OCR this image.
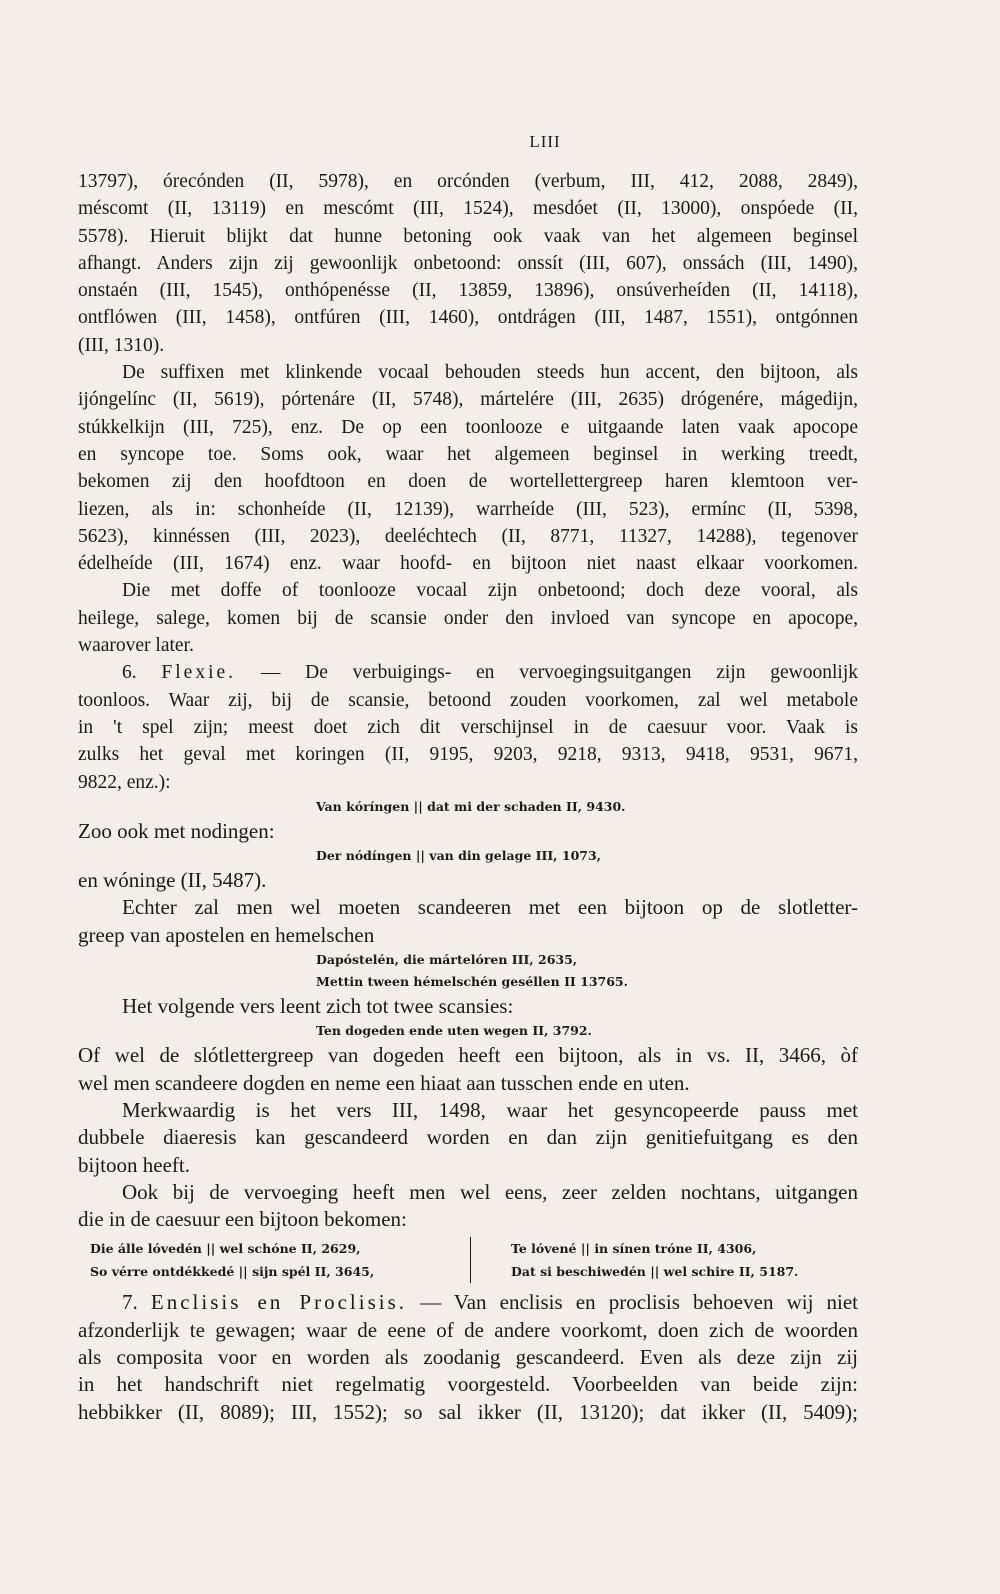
LIII
13797), órecónden (II, 5978), en orcónden (verbum, III, 412, 2088, 2849),
méscomt (II, 13119) en mescómt (III, 1524), mesdóet (II, 13000), onspóede (II,
5578). Hieruit blijkt dat hunne betoning ook vaak van het algemeen beginsel
afhangt. Anders zijn zij gewoonlijk onbetoond: onssít (III, 607), onssách (III, 1490),
onstaén (III, 1545), onthópenésse (II, 13859, 13896), onsúverheíden (II, 14118),
ontflówen (III, 1458), ontfúren (III, 1460), ontdrágen (III, 1487, 1551), ontgónnen
(III, 1310).
De suffixen met klinkende vocaal behouden steeds hun accent, den bijtoon, als
ijóngelínc (II, 5619), pórtenáre (II, 5748), mártelére (III, 2635) drógenére, mágedijn,
stúkkelkijn (III, 725), enz. De op een toonlooze e uitgaande laten vaak apocope
en syncope toe. Soms ook, waar het algemeen beginsel in werking treedt,
bekomen zij den hoofdtoon en doen de wortellettergreep haren klemtoon ver-
liezen, als in: schonheíde (II, 12139), warrheíde (III, 523), ermínc (II, 5398,
5623), kinnéssen (III, 2023), deeléchtech (II, 8771, 11327, 14288), tegenover
édelheíde (III, 1674) enz. waar hoofd- en bijtoon niet naast elkaar voorkomen.
Die met doffe of toonlooze vocaal zijn onbetoond; doch deze vooral, als
heilege, salege, komen bij de scansie onder den invloed van syncope en apocope,
waarover later.
6. Flexie. — De verbuigings- en vervoegingsuitgangen zijn gewoonlijk
toonloos. Waar zij, bij de scansie, betoond zouden voorkomen, zal wel metabole
in 't spel zijn; meest doet zich dit verschijnsel in de caesuur voor. Vaak is
zulks het geval met koringen (II, 9195, 9203, 9218, 9313, 9418, 9531, 9671,
9822, enz.):
Van kóríngen || dat mi der schaden II, 9430.
Zoo ook met nodingen:
Der nódíngen || van din gelage III, 1073,
en wóninge (II, 5487).
Echter zal men wel moeten scandeeren met een bijtoon op de slotletter-
greep van apostelen en hemelschen
Dapóstelén, die mártelóren III, 2635,
Mettin tween hémelschén geséllen II 13765.
Het volgende vers leent zich tot twee scansies:
Ten dogeden ende uten wegen II, 3792.
Of wel de slótlettergreep van dogeden heeft een bijtoon, als in vs. II, 3466, òf
wel men scandeere dogden en neme een hiaat aan tusschen ende en uten.
Merkwaardig is het vers III, 1498, waar het gesyncopeerde pauss met
dubbele diaeresis kan gescandeerd worden en dan zijn genitiefuitgang es den
bijtoon heeft.
Ook bij de vervoeging heeft men wel eens, zeer zelden nochtans, uitgangen
die in de caesuur een bijtoon bekomen:
Die álle lóvedén || wel schóne II, 2629,
So vérre ontdékkedé || sijn spél II, 3645,
Te lóvené || in sínen tróne II, 4306,
Dat si beschiwedén || wel schire II, 5187.
7. Enclisis en Proclisis. — Van enclisis en proclisis behoeven wij niet
afzonderlijk te gewagen; waar de eene of de andere voorkomt, doen zich de woorden
als composita voor en worden als zoodanig gescandeerd. Even als deze zijn zij
in het handschrift niet regelmatig voorgesteld. Voorbeelden van beide zijn:
hebbikker (II, 8089); III, 1552); so sal ikker (II, 13120); dat ikker (II, 5409);
